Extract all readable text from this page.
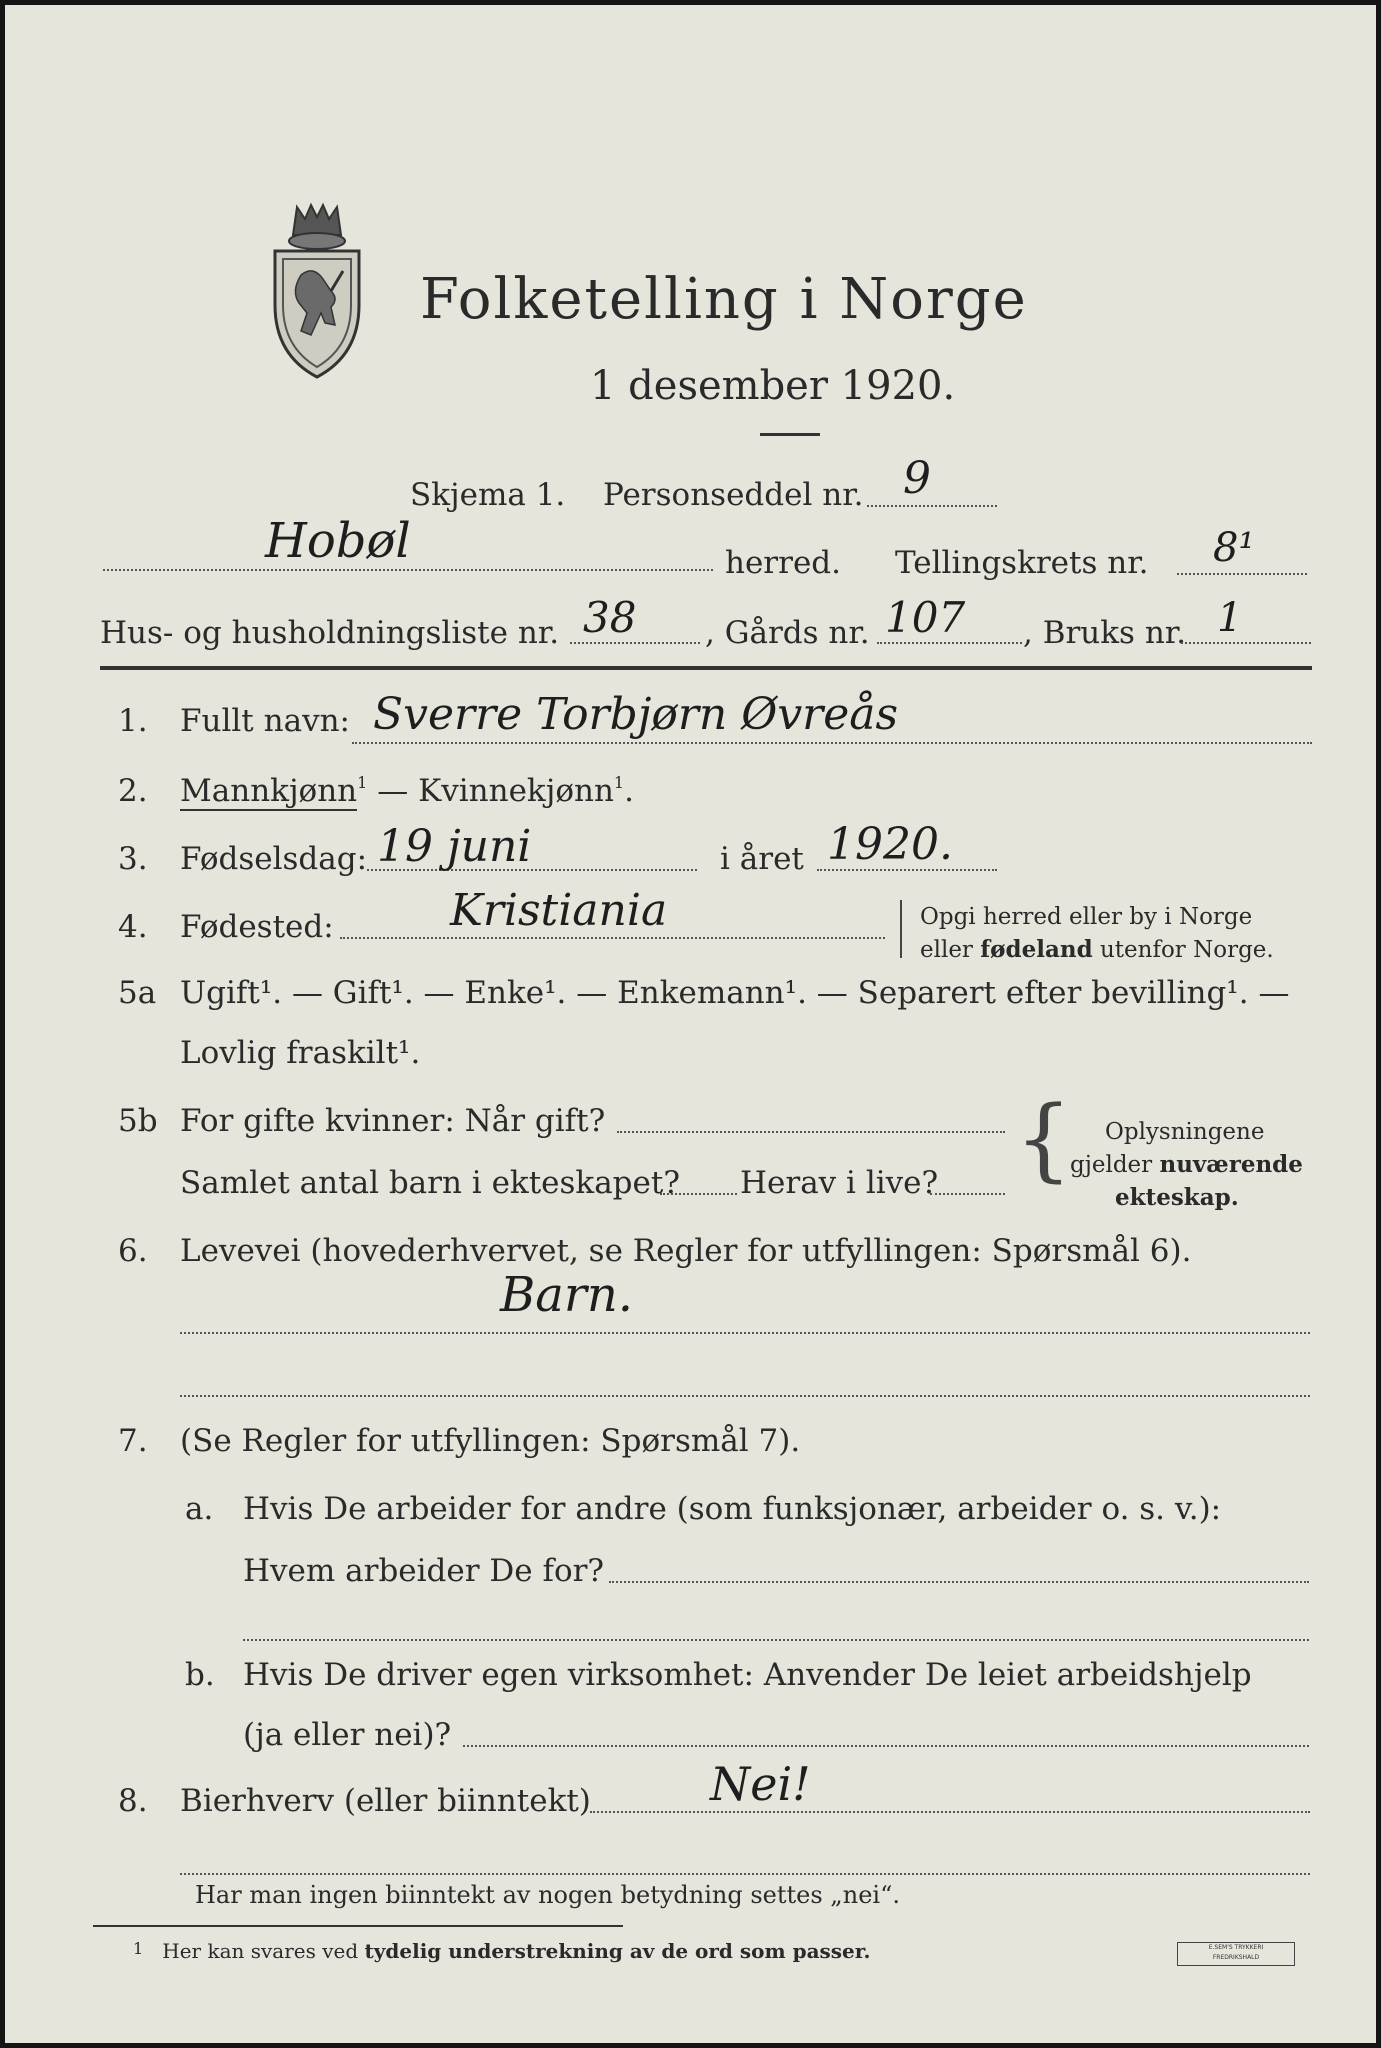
Folketelling i Norge
1 desember 1920.
Skjema 1. Personseddel nr. 9
Hobøl	herred. Tellingskrets nr. 8¹
Hus- og husholdningsliste nr. 38 , Gårds nr. 107 , Bruks nr. 1
1. Fullt navn: Sverre Torbjørn Øvreås
2. Mannkjønn$^1$ — Kvinnekjønn$^1$.
3. Fødselsdag: 19 juni	i året 1920.
4. Fødested:	Kristiania	Opgi herred eller by i Norge
eller fødeland utenfor Norge.
5a Ugift¹. — Gift¹. — Enke¹. — Enkemann¹. — Separert efter bevilling¹. —
Lovlig fraskilt¹.
5b For gifte kvinner: Når gift?
Samlet antal barn i ekteskapet? Herav i live? { Oplysningene
gjelder nuværende
ekteskap.
6. Levevei (hovederhvervet, se Regler for utfyllingen: Spørsmål 6).
Barn.
7. (Se Regler for utfyllingen: Spørsmål 7).
a. Hvis De arbeider for andre (som funksjonær, arbeider o. s. v.):
Hvem arbeider De for?
b. Hvis De driver egen virksomhet: Anvender De leiet arbeidshjelp
(ja eller nei)?
8. Bierhverv (eller biinntekt)	Nei!
Har man ingen biinntekt av nogen betydning settes „nei“.
$^1$ Her kan svares ved tydelig understrekning av de ord som passer.	E.SEM'S TRYKKERI
FREDRIKSHALD
